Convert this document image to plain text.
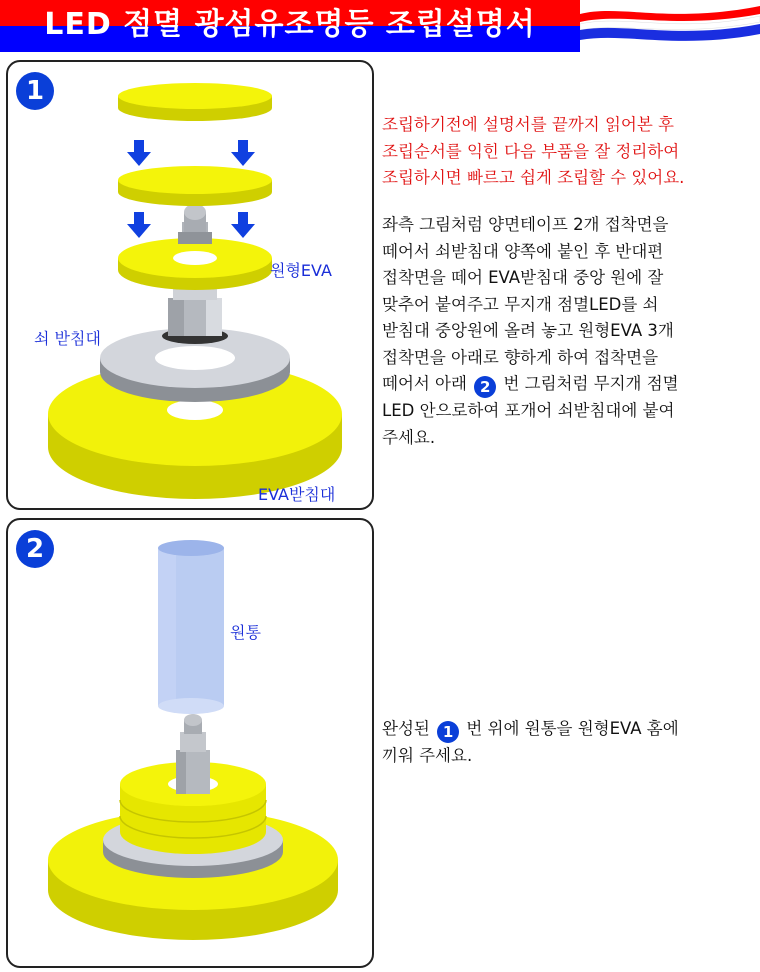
LED 점멸 광섬유조명등 조립설명서
1
원형EVA
쇠 받침대
EVA받침대
2
원통
조립하기전에 설명서를 끝까지 읽어본 후
조립순서를 익힌 다음 부품을 잘 정리하여
조립하시면 빠르고 쉽게 조립할 수 있어요.
좌측 그림처럼 양면테이프 2개 접착면을
떼어서 쇠받침대 양쪽에 붙인 후 반대편
접착면을 떼어 EVA받침대 중앙 원에 잘
맞추어 붙여주고 무지개 점멸LED를 쇠
받침대 중앙원에 올려 놓고 원형EVA 3개
접착면을 아래로 향하게 하여 접착면을
떼어서 아래 2 번 그림처럼 무지개 점멸
LED 안으로하여 포개어 쇠받침대에 붙여
주세요.
완성된 1 번 위에 원통을 원형EVA 홈에
끼워 주세요.
